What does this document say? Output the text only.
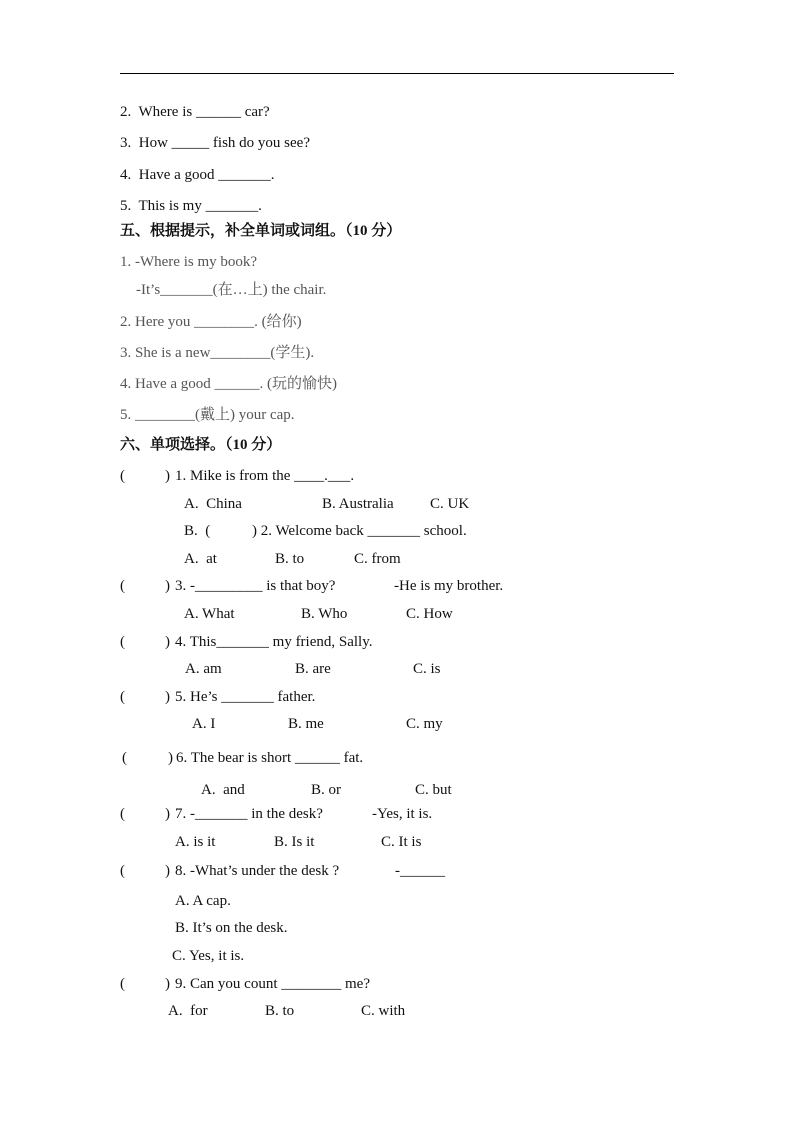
2.  Where is ______ car?
3.  How _____ fish do you see?
4.  Have a good _______.
5.  This is my _______.
五、根据提示，补全单词或词组。（10 分）
1. -Where is my book?
-It’s_______(在…上) the chair.
2. Here you ________. (给你)
3. She is a new________(学生).
4. Have a good ______. (玩的愉快)
5. ________(戴上) your cap.
六、单项选择。（10 分）
(	) 1. Mike is from the ____.___.
A.  China	B. Australia C. UK
B.  (	) 2. Welcome back _______ school.
A.  at	B. to	C. from
(	) 3. -_________ is that boy?	-He is my brother.
A. What	B. Who	C. How
(	) 4. This_______ my friend, Sally.
A. am	B. are	C. is
(	) 5. He’s _______ father.
A. I	B. me	C. my
(	) 6. The bear is short ______ fat.
A.  and	B. or	C. but
(	) 7. -_______ in the desk?	-Yes, it is.
A. is it	B. Is it	C. It is
(	) 8. -What’s under the desk ?	-______
A. A cap.
B. It’s on the desk.
C. Yes, it is.
(	) 9. Can you count ________ me?
A.  for	B. to	C. with
